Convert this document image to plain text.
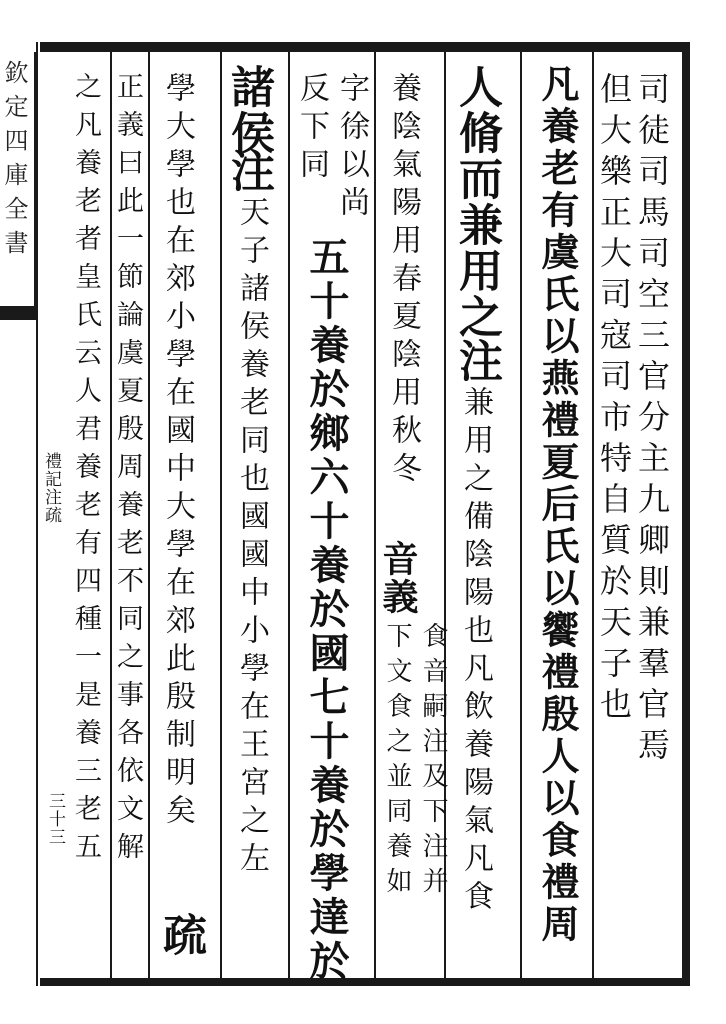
欽定四庫全書
禮記注疏
三十三
司徒司馬司空三官分主九卿則兼羣官焉
但大樂正大司寇司市特自質於天子也
凡養老有虞氏以燕禮夏后氏以饗禮殷人以食禮周
人脩而兼用之
注
兼用之備陰陽也凡飲養陽氣凡食
養陰氣陽用春夏陰用秋冬
音義
食音嗣注及下注并
下文食之並同養如
字徐以尚
五十養於鄉六十養於國七十養於學達於
反下同
諸侯
注
天子諸侯養老同也國國中小學在王宮之左
學大學也在郊小學在國中大學在郊此殷制明矣
疏
正義曰此一節論虞夏殷周養老不同之事各依文解
之凡養老者皇氏云人君養老有四種一是養三老五
